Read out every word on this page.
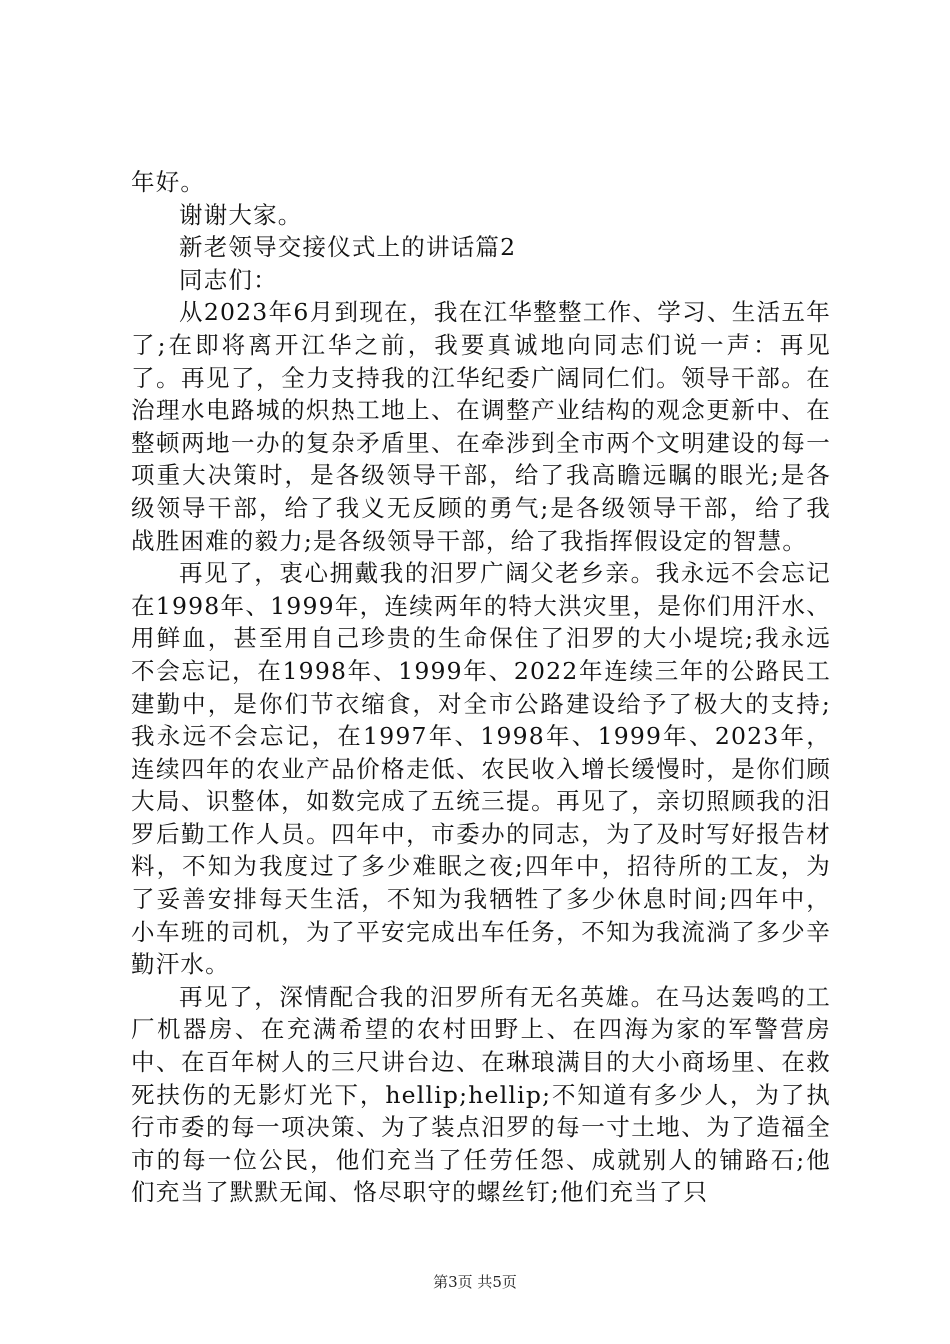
年好。

谢谢大家。

新老领导交接仪式上的讲话篇2

同志们：

从2023年6月到现在，我在江华整整工作、学习、生活五年了;在即将离开江华之前，我要真诚地向同志们说一声：再见了。再见了，全力支持我的江华纪委广阔同仁们。领导干部。在治理水电路城的炽热工地上、在调整产业结构的观念更新中、在整顿两地一办的复杂矛盾里、在牵涉到全市两个文明建设的每一项重大决策时，是各级领导干部，给了我高瞻远瞩的眼光;是各级领导干部，给了我义无反顾的勇气;是各级领导干部，给了我战胜困难的毅力;是各级领导干部，给了我指挥假设定的智慧。

再见了，衷心拥戴我的汨罗广阔父老乡亲。我永远不会忘记在1998年、1999年，连续两年的特大洪灾里，是你们用汗水、用鲜血，甚至用自己珍贵的生命保住了汨罗的大小堤垸;我永远不会忘记，在1998年、1999年、2022年连续三年的公路民工建勤中，是你们节衣缩食，对全市公路建设给予了极大的支持;我永远不会忘记，在1997年、1998年、1999年、2023年，连续四年的农业产品价格走低、农民收入增长缓慢时，是你们顾大局、识整体，如数完成了五统三提。再见了，亲切照顾我的汨罗后勤工作人员。四年中，市委办的同志，为了及时写好报告材料，不知为我度过了多少难眠之夜;四年中，招待所的工友，为了妥善安排每天生活，不知为我牺牲了多少休息时间;四年中，小车班的司机，为了平安完成出车任务，不知为我流淌了多少辛勤汗水。

再见了，深情配合我的汨罗所有无名英雄。在马达轰鸣的工厂机器房、在充满希望的农村田野上、在四海为家的军警营房中、在百年树人的三尺讲台边、在琳琅满目的大小商场里、在救死扶伤的无影灯光下，hellip;hellip;不知道有多少人，为了执行市委的每一项决策、为了装点汨罗的每一寸土地、为了造福全市的每一位公民，他们充当了任劳任怨、成就别人的铺路石;他们充当了默默无闻、恪尽职守的螺丝钉;他们充当了只

第3页 共5页
